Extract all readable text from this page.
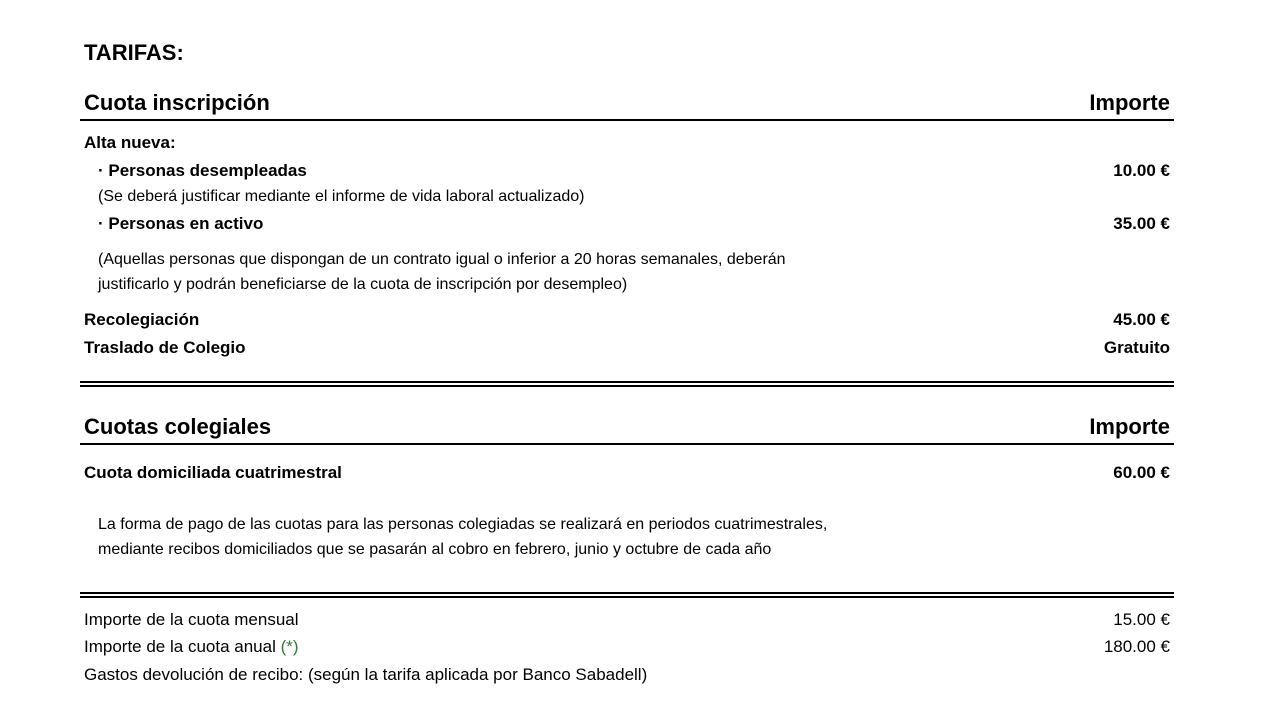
TARIFAS:
Cuota inscripción	Importe
Alta nueva:
· Personas desempleadas	10.00 €
(Se deberá justificar mediante el informe de vida laboral actualizado)
· Personas en activo	35.00 €
(Aquellas personas que dispongan de un contrato igual o inferior a 20 horas semanales, deberán
justificarlo y podrán beneficiarse de la cuota de inscripción por desempleo)
Recolegiación	45.00 €
Traslado de Colegio	Gratuito
Cuotas colegiales	Importe
Cuota domiciliada cuatrimestral	60.00 €
La forma de pago de las cuotas para las personas colegiadas se realizará en periodos cuatrimestrales,
mediante recibos domiciliados que se pasarán al cobro en febrero, junio y octubre de cada año
Importe de la cuota mensual	15.00 €
Importe de la cuota anual (*)	180.00 €
Gastos devolución de recibo: (según la tarifa aplicada por Banco Sabadell)
